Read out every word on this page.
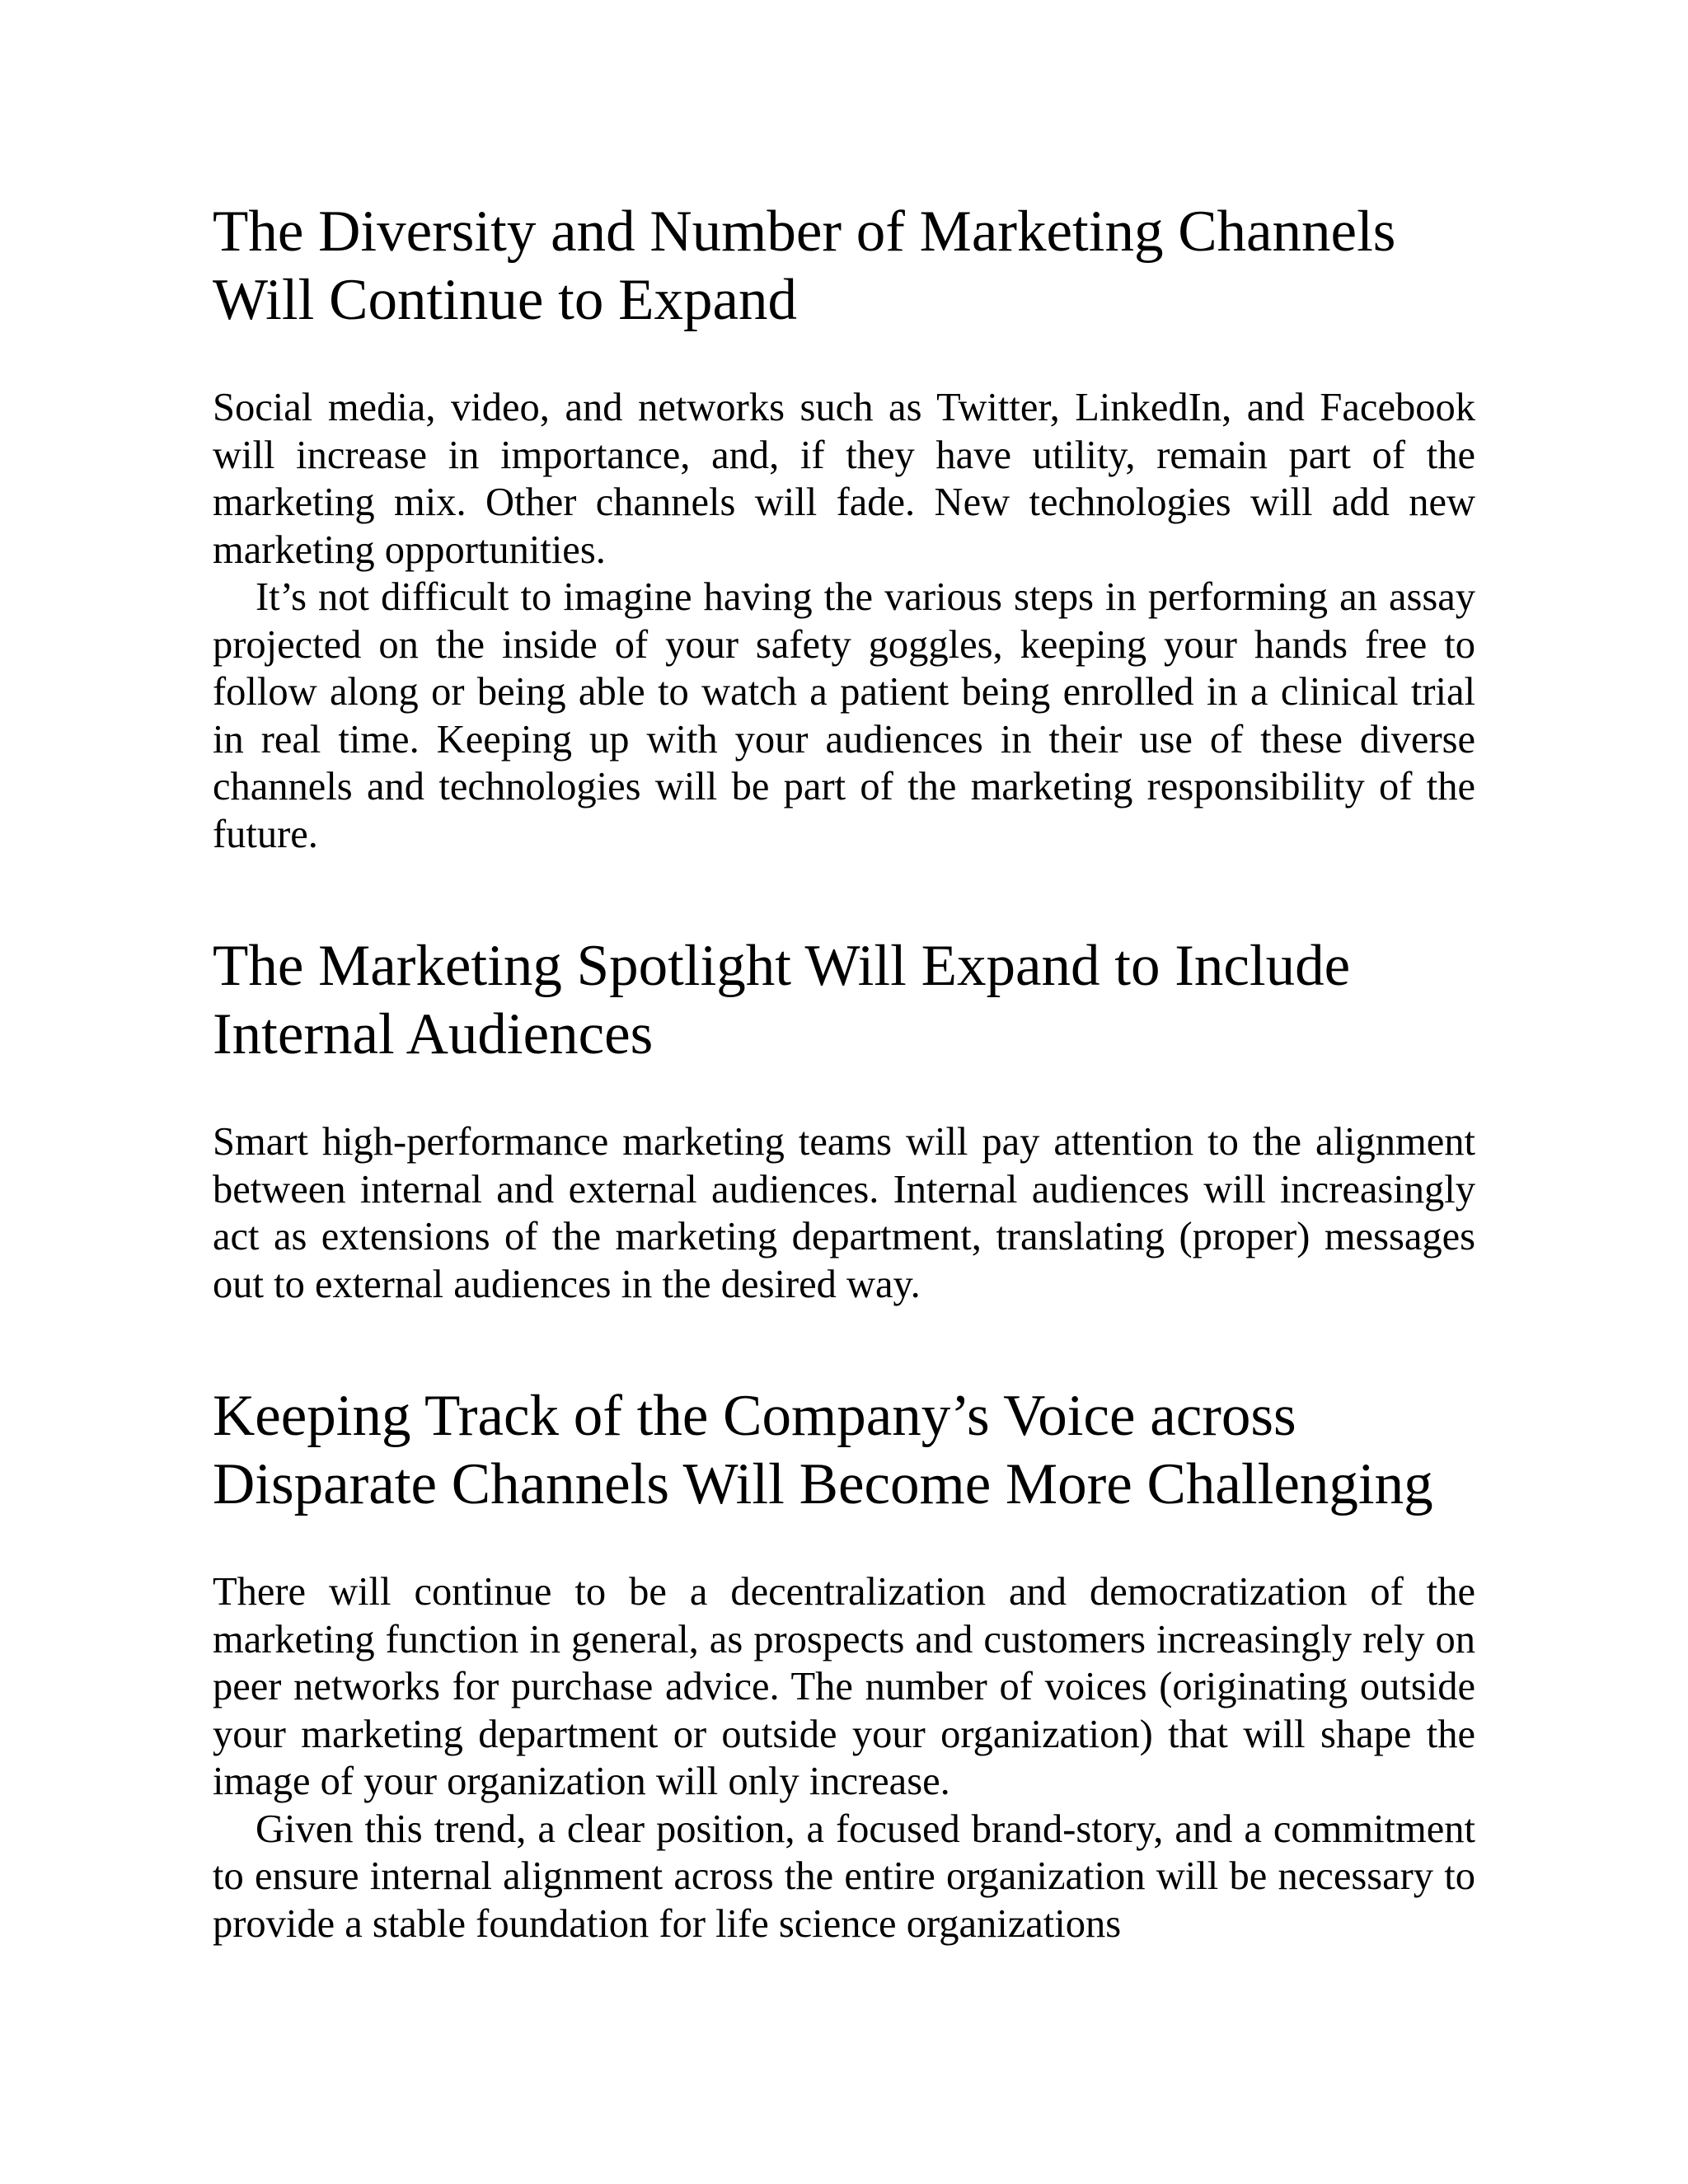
The Diversity and Number of Marketing Channels Will Continue to Expand

Social media, video, and networks such as Twitter, LinkedIn, and Facebook will increase in importance, and, if they have utility, remain part of the marketing mix. Other channels will fade. New technologies will add new marketing opportunities.

It’s not difficult to imagine having the various steps in performing an assay projected on the inside of your safety goggles, keeping your hands free to follow along or being able to watch a patient being enrolled in a clinical trial in real time. Keeping up with your audiences in their use of these diverse channels and technologies will be part of the marketing responsibility of the future.

The Marketing Spotlight Will Expand to Include Internal Audiences

Smart high-performance marketing teams will pay attention to the alignment between internal and external audiences. Internal audiences will increasingly act as extensions of the marketing department, translating (proper) messages out to external audiences in the desired way.

Keeping Track of the Company’s Voice across Disparate Channels Will Become More Challenging

There will continue to be a decentralization and democratization of the marketing function in general, as prospects and customers increasingly rely on peer networks for purchase advice. The number of voices (originating outside your marketing department or outside your organization) that will shape the image of your organization will only increase.

Given this trend, a clear position, a focused brand-story, and a commitment to ensure internal alignment across the entire organization will be necessary to provide a stable foundation for life science organizations
